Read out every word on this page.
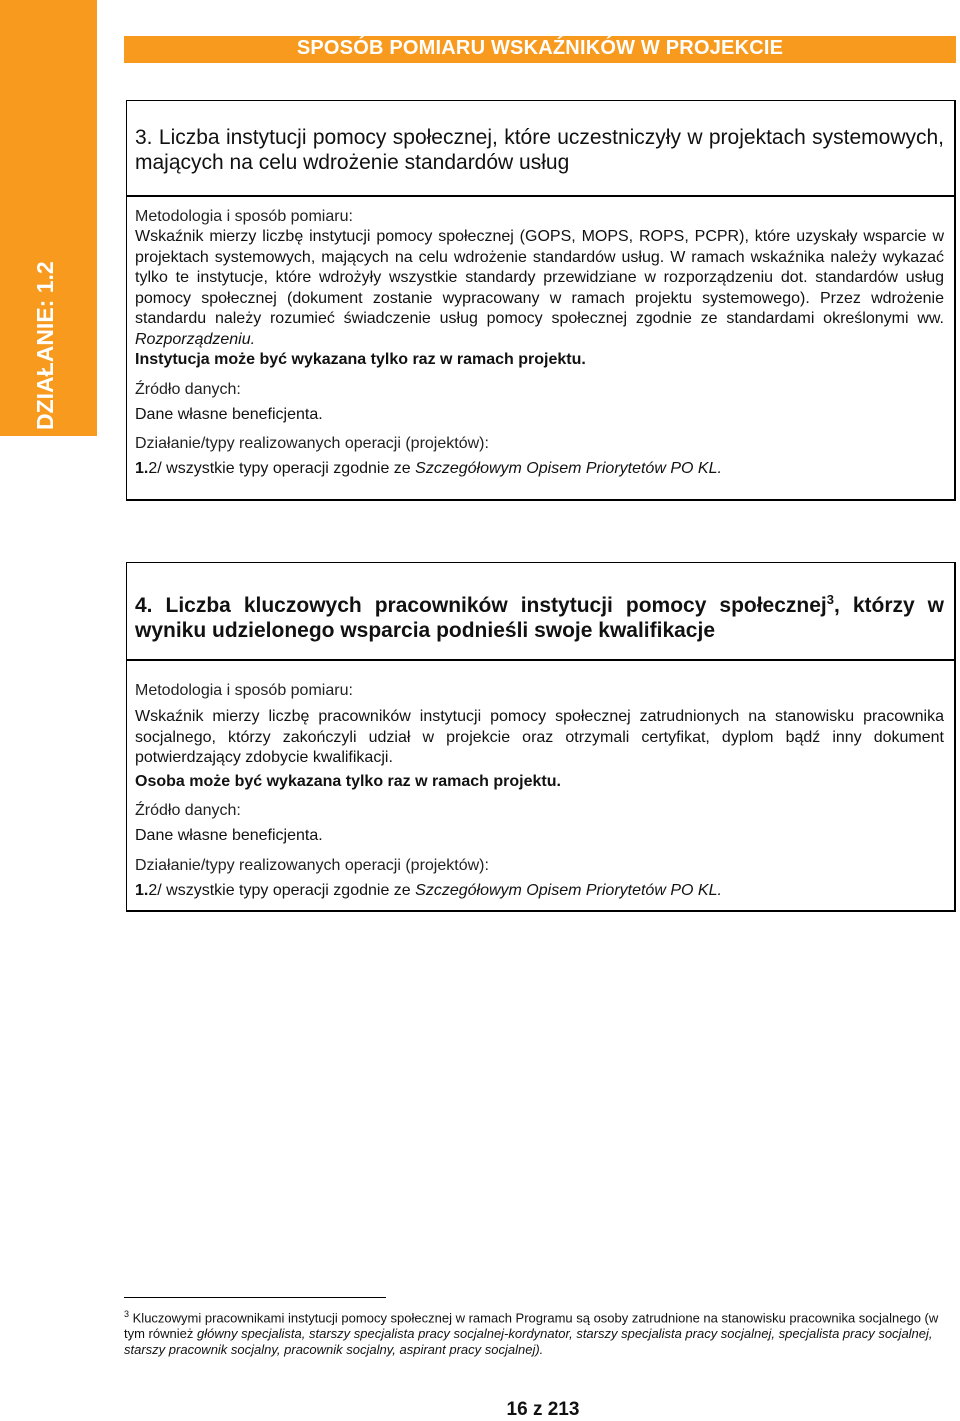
DZIAŁANIE: 1.2
SPOSÓB POMIARU WSKAŹNIKÓW W PROJEKCIE
3. Liczba instytucji pomocy społecznej, które uczestniczyły w projektach systemowych, mających na celu wdrożenie standardów usług

Metodologia i sposób pomiaru:

Wskaźnik mierzy liczbę instytucji pomocy społecznej (GOPS, MOPS, ROPS, PCPR), które uzyskały wsparcie w projektach systemowych, mających na celu wdrożenie standardów usług. W ramach wskaźnika należy wykazać tylko te instytucje, które wdrożyły wszystkie standardy przewidziane w rozporządzeniu dot. standardów usług pomocy społecznej (dokument zostanie wypracowany w ramach projektu systemowego). Przez wdrożenie standardu należy rozumieć świadczenie usług pomocy społecznej zgodnie ze standardami określonymi ww. Rozporządzeniu.

Instytucja może być wykazana tylko raz w ramach projektu.

Źródło danych:

Dane własne beneficjenta.

Działanie/typy realizowanych operacji (projektów):

1.2/ wszystkie typy operacji zgodnie ze Szczegółowym Opisem Priorytetów PO KL.

4. Liczba kluczowych pracowników instytucji pomocy społecznej$^3$, którzy w wyniku udzielonego wsparcia podnieśli swoje kwalifikacje

Metodologia i sposób pomiaru:

Wskaźnik mierzy liczbę pracowników instytucji pomocy społecznej zatrudnionych na stanowisku pracownika socjalnego, którzy zakończyli udział w projekcie oraz otrzymali certyfikat, dyplom bądź inny dokument potwierdzający zdobycie kwalifikacji.

Osoba może być wykazana tylko raz w ramach projektu.

Źródło danych:

Dane własne beneficjenta.

Działanie/typy realizowanych operacji (projektów):

1.2/ wszystkie typy operacji zgodnie ze Szczegółowym Opisem Priorytetów PO KL.

$^3$ Kluczowymi pracownikami instytucji pomocy społecznej w ramach Programu są osoby zatrudnione na stanowisku pracownika socjalnego (w tym również główny specjalista, starszy specjalista pracy socjalnej-kordynator, starszy specjalista pracy socjalnej, specjalista pracy socjalnej, starszy pracownik socjalny, pracownik socjalny, aspirant pracy socjalnej).
16 z 213
